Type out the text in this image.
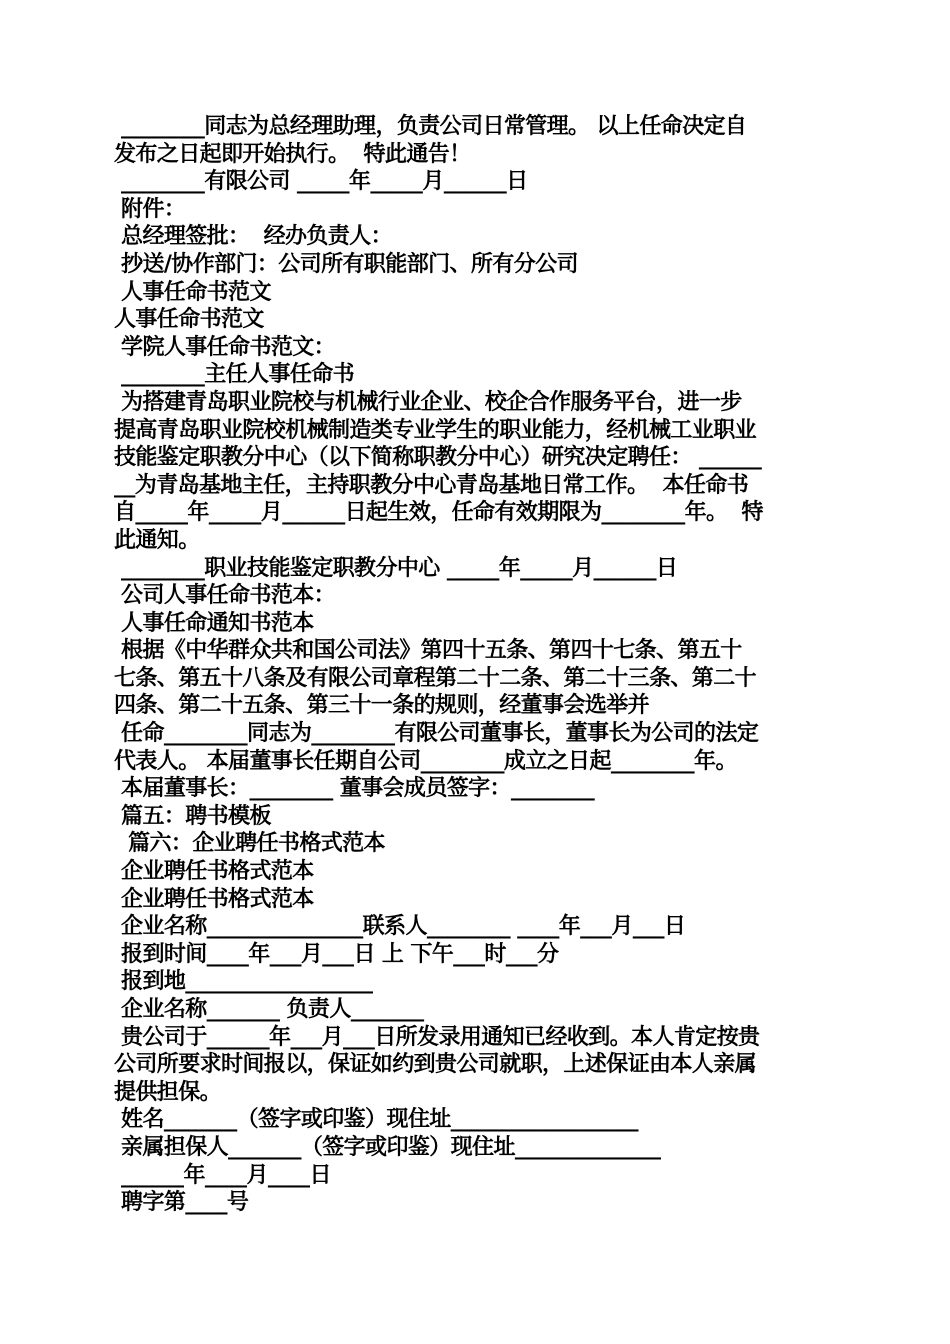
________同志为总经理助理，负责公司日常管理。 以上任命决定自
发布之日起即开始执行。  特此通告！
________有限公司 _____年_____月______日
附件：
总经理签批：  经办负责人：
抄送/协作部门：公司所有职能部门、所有分公司
人事任命书范文
人事任命书范文
学院人事任命书范文：
________主任人事任命书
为搭建青岛职业院校与机械行业企业、校企合作服务平台，进一步
提高青岛职业院校机械制造类专业学生的职业能力，经机械工业职业
技能鉴定职教分中心（以下简称职教分中心）研究决定聘任： ______
__为青岛基地主任，主持职教分中心青岛基地日常工作。  本任命书
自_____年_____月______日起生效，任命有效期限为________年。  特
此通知。
________职业技能鉴定职教分中心 _____年_____月______日
公司人事任命书范本：
人事任命通知书范本
根据《中华群众共和国公司法》第四十五条、第四十七条、第五十
七条、第五十八条及有限公司章程第二十二条、第二十三条、第二十
四条、第二十五条、第三十一条的规则，经董事会选举并
任命________同志为________有限公司董事长，董事长为公司的法定
代表人。 本届董事长任期自公司________成立之日起________年。
本届董事长：________ 董事会成员签字：________
篇五：聘书模板
篇六：企业聘任书格式范本
企业聘任书格式范本
企业聘任书格式范本
企业名称_______________联系人________ ____年___月___日
报到时间____年___月___日 上 下午___时___分
报到地__________________
企业名称_______ 负责人_______
贵公司于______年___月___日所发录用通知已经收到。本人肯定按贵
公司所要求时间报以，保证如约到贵公司就职，上述保证由本人亲属
提供担保。
姓名_______（签字或印鉴）现住址__________________
亲属担保人_______（签字或印鉴）现住址______________
______年____月____日
聘字第____号
